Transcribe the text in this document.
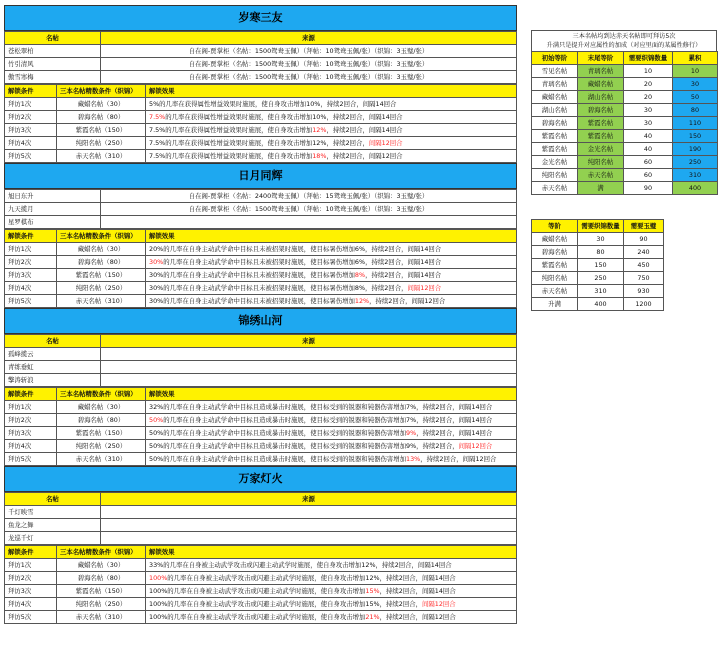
岁寒三友
名帖	来源
苍松翠柏	自在阁-贾掌柜（名帖：1500鸳鸯玉佩）（拜帖：10鸳鸯玉佩/张）（织锦：3玉璧/张）
竹引清风	自在阁-贾掌柜（名帖：1500鸳鸯玉佩）（拜帖：10鸳鸯玉佩/张）（织锦：3玉璧/张）
傲雪寒梅	自在阁-贾掌柜（名帖：1500鸳鸯玉佩）（拜帖：10鸳鸯玉佩/张）（织锦：3玉璧/张）
解锁条件	三本名帖精数条件（织锦）	解锁效果
拜访1次	藏蜡名帖（30）	5%的几率在获得属性增益效果时施展，使自身攻击增加10%，持续2回合，间隔14回合
拜访2次	碧海名帖（80）	7.5%的几率在获得属性增益效果时施展，使自身攻击增加10%，持续2回合，间隔14回合
拜访3次	紫霞名帖（150）	7.5%的几率在获得属性增益效果时施展，使自身攻击增加12%，持续2回合，间隔14回合
拜访4次	纯阳名帖（250）	7.5%的几率在获得属性增益效果时施展，使自身攻击增加12%，持续2回合，间隔12回合
拜访5次	赤天名帖（310）	7.5%的几率在获得属性增益效果时施展，使自身攻击增加18%，持续2回合，间隔12回合
日月同辉
旭日东升	自在阁-贾掌柜（名帖：2400鸳鸯玉佩）（拜帖：15鸳鸯玉佩/张）（织锦：3玉璧/张）
九天揽月	自在阁-贾掌柜（名帖：1500鸳鸯玉佩）（拜帖：10鸳鸯玉佩/张）（织锦：3玉璧/张）
星罗棋布	
解锁条件	三本名帖精数条件（织锦）	解锁效果
拜访1次	藏蜡名帖（30）	20%的几率在自身主动武学命中目标且未被招架时施展，使目标暑伤增加6%，持续2回合，间隔14回合
拜访2次	碧海名帖（80）	30%的几率在自身主动武学命中目标且未被招架时施展，使目标暑伤增加6%，持续2回合，间隔14回合
拜访3次	紫霞名帖（150）	30%的几率在自身主动武学命中目标且未被招架时施展，使目标暑伤增加8%，持续2回合，间隔14回合
拜访4次	纯阳名帖（250）	30%的几率在自身主动武学命中目标且未被招架时施展，使目标暑伤增加8%，持续2回合，间隔12回合
拜访5次	赤天名帖（310）	30%的几率在自身主动武学命中目标且未被招架时施展，使目标暑伤增加12%，持续2回合，间隔12回合
锦绣山河
名帖	来源
孤峰揽云	
青练垂虹	
擎涛斩浪	
解锁条件	三本名帖精数条件（织锦）	解锁效果
拜访1次	藏蜡名帖（30）	32%的几率在自身主动武学命中目标且造成暴击时施展，使目标受到的锐器和钝器伤害增加7%，持续2回合，间隔14回合
拜访2次	碧海名帖（80）	50%的几率在自身主动武学命中目标且造成暴击时施展，使目标受到的锐器和钝器伤害增加7%，持续2回合，间隔14回合
拜访3次	紫霞名帖（150）	50%的几率在自身主动武学命中目标且造成暴击时施展，使目标受到的锐器和钝器伤害增加9%，持续2回合，间隔14回合
拜访4次	纯阳名帖（250）	50%的几率在自身主动武学命中目标且造成暴击时施展，使目标受到的锐器和钝器伤害增加9%，持续2回合，间隔12回合
拜访5次	赤天名帖（310）	50%的几率在自身主动武学命中目标且造成暴击时施展，使目标受到的锐器和钝器伤害增加13%，持续2回合，间隔12回合
万家灯火
名帖	来源
千灯映雪	
鱼龙之舞	
龙巡千灯	
解锁条件	三本名帖精数条件（织锦）	解锁效果
拜访1次	藏蜡名帖（30）	33%的几率在自身被主动武学攻击或闪避主动武学时施展，使自身攻击增加12%，持续2回合，间隔14回合
拜访2次	碧海名帖（80）	100%的几率在自身被主动武学攻击或闪避主动武学时施展，使自身攻击增加12%，持续2回合，间隔14回合
拜访3次	紫霞名帖（150）	100%的几率在自身被主动武学攻击或闪避主动武学时施展，使自身攻击增加15%，持续2回合，间隔14回合
拜访4次	纯阳名帖（250）	100%的几率在自身被主动武学攻击或闪避主动武学时施展，使自身攻击增加15%，持续2回合，间隔12回合
拜访5次	赤天名帖（310）	100%的几率在自身被主动武学攻击或闪避主动武学时施展，使自身攻击增加21%，持续2回合，间隔12回合
三本名帖均到达赤天名帖即可拜访5次
升满只是提升对应属性的加成（对应里面的某属性修行）
初始等阶	末尾等阶	需要织锦数量	累积
雪见名帖	青璃名帖	10	10
青璃名帖	藏蜡名帖	20	30
藏蜡名帖	湖山名帖	20	50
湖山名帖	碧海名帖	30	80
碧海名帖	紫霞名帖	30	110
紫霞名帖	紫霞名帖	40	150
紫霞名帖	金光名帖	40	190
金光名帖	纯阳名帖	60	250
纯阳名帖	赤天名帖	60	310
赤天名帖	满	90	400
等阶	需要织锦数量	需要玉璧
藏蜡名帖	30	90
碧海名帖	80	240
紫霞名帖	150	450
纯阳名帖	250	750
赤天名帖	310	930
升满	400	1200
